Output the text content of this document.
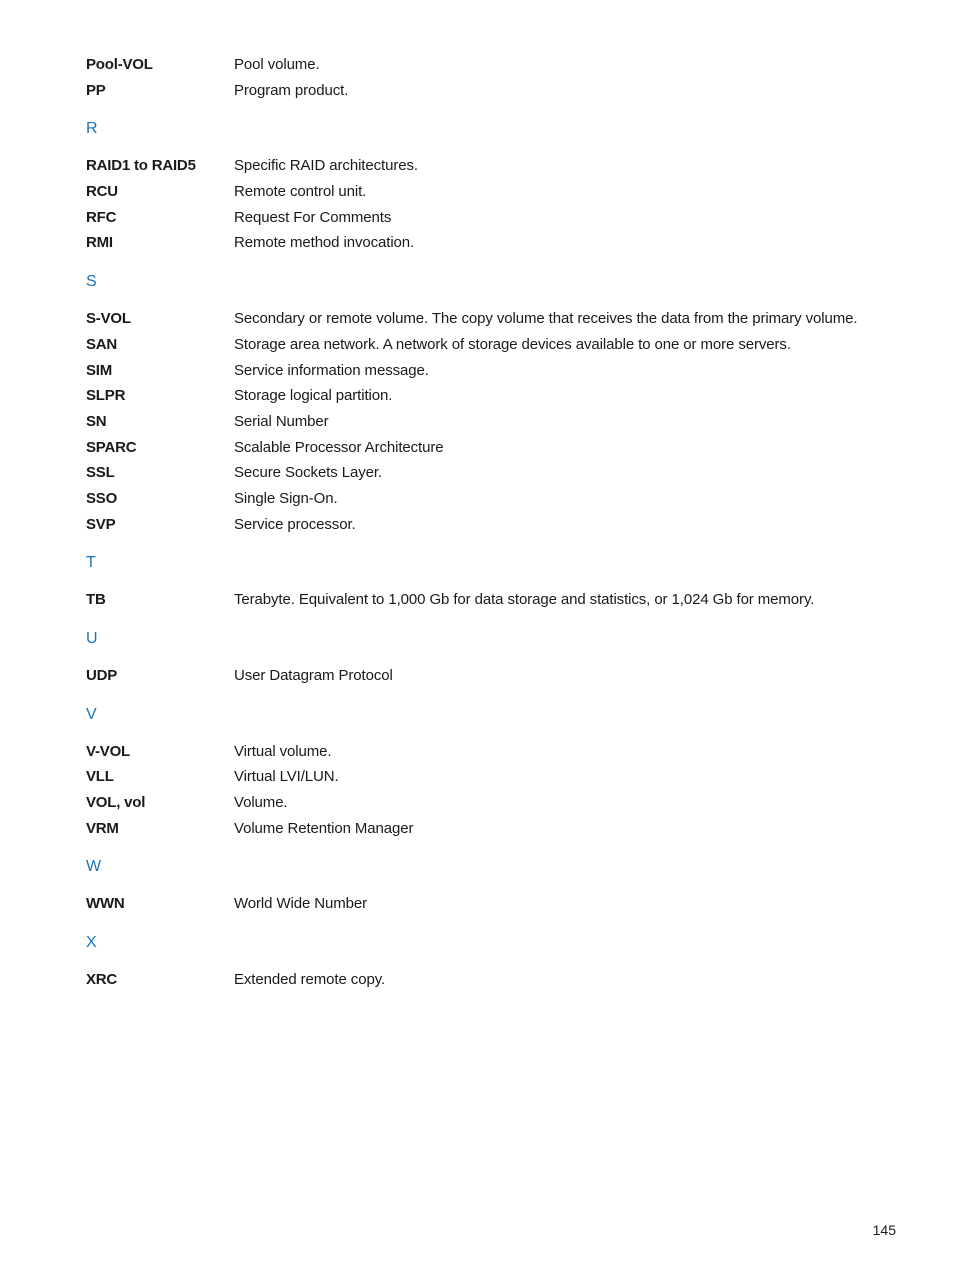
Pool-VOL	Pool volume.
PP	Program product.
R
RAID1 to RAID5	Specific RAID architectures.
RCU	Remote control unit.
RFC	Request For Comments
RMI	Remote method invocation.
S
S-VOL	Secondary or remote volume. The copy volume that receives the data from the primary volume.
SAN	Storage area network. A network of storage devices available to one or more servers.
SIM	Service information message.
SLPR	Storage logical partition.
SN	Serial Number
SPARC	Scalable Processor Architecture
SSL	Secure Sockets Layer.
SSO	Single Sign-On.
SVP	Service processor.
T
TB	Terabyte. Equivalent to 1,000 Gb for data storage and statistics, or 1,024 Gb for memory.
U
UDP	User Datagram Protocol
V
V-VOL	Virtual volume.
VLL	Virtual LVI/LUN.
VOL, vol	Volume.
VRM	Volume Retention Manager
W
WWN	World Wide Number
X
XRC	Extended remote copy.
145
